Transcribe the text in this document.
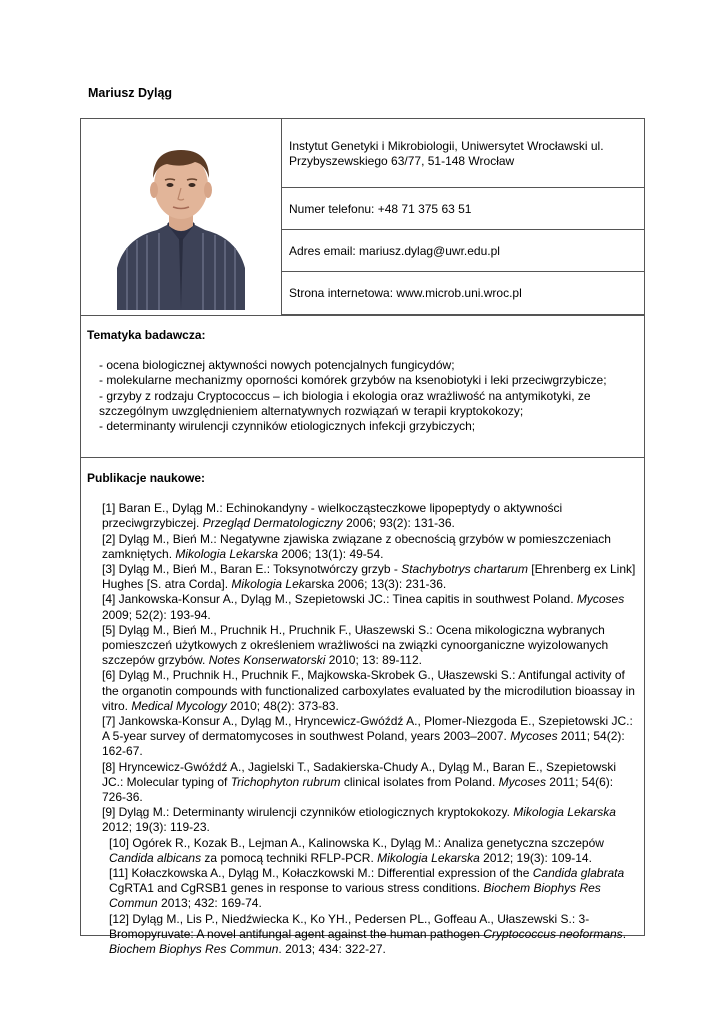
Mariusz Dyląg
Instytut Genetyki i Mikrobiologii, Uniwersytet Wrocławski ul. Przybyszewskiego 63/77, 51-148 Wrocław
Numer telefonu: +48 71 375 63 51
Adres email: mariusz.dylag@uwr.edu.pl
Strona internetowa: www.microb.uni.wroc.pl
Tematyka badawcza:
- ocena biologicznej aktywności nowych potencjalnych fungicydów;
- molekularne mechanizmy oporności komórek grzybów na ksenobiotyki i leki przeciwgrzybicze;
- grzyby z rodzaju Cryptococcus – ich biologia i ekologia oraz wrażliwość na antymikotyki, ze szczególnym uwzględnieniem alternatywnych rozwiązań w terapii kryptokokozy;
- determinanty wirulencji czynników etiologicznych infekcji grzybiczych;
Publikacje naukowe:
[1] Baran E., Dyląg M.: Echinokandyny - wielkocząsteczkowe lipopeptydy o aktywności przeciwgrzybiczej. Przegląd Dermatologiczny 2006; 93(2): 131-36.
[2] Dyląg M., Bień M.: Negatywne zjawiska związane z obecnością grzybów w pomieszczeniach zamkniętych. Mikologia Lekarska 2006; 13(1): 49-54.
[3] Dyląg M., Bień M., Baran E.: Toksynotwórczy grzyb - Stachybotrys chartarum [Ehrenberg ex Link] Hughes [S. atra Corda]. Mikologia Lekarska 2006; 13(3): 231-36.
[4] Jankowska-Konsur A., Dyląg M., Szepietowski JC.: Tinea capitis in southwest Poland. Mycoses 2009; 52(2): 193-94.
[5] Dyląg M., Bień M., Pruchnik H., Pruchnik F., Ułaszewski S.: Ocena mikologiczna wybranych pomieszczeń użytkowych z określeniem wrażliwości na związki cynoorganiczne wyizolowanych szczepów grzybów. Notes Konserwatorski 2010; 13: 89-112.
[6] Dyląg M., Pruchnik H., Pruchnik F., Majkowska-Skrobek G., Ułaszewski S.: Antifungal activity of the organotin compounds with functionalized carboxylates evaluated by the microdilution bioassay in vitro. Medical Mycology 2010; 48(2): 373-83.
[7] Jankowska-Konsur A., Dyląg M., Hryncewicz-Gwóźdź A., Plomer-Niezgoda E., Szepietowski JC.: A 5-year survey of dermatomycoses in southwest Poland, years 2003–2007. Mycoses 2011; 54(2): 162-67.
[8] Hryncewicz-Gwóźdź A., Jagielski T., Sadakierska-Chudy A., Dyląg M., Baran E., Szepietowski JC.: Molecular typing of Trichophyton rubrum clinical isolates from Poland. Mycoses 2011; 54(6): 726-36.
[9] Dyląg M.: Determinanty wirulencji czynników etiologicznych kryptokokozy. Mikologia Lekarska 2012; 19(3): 119-23.
[10] Ogórek R., Kozak B., Lejman A., Kalinowska K., Dyląg M.: Analiza genetyczna szczepów Candida albicans za pomocą techniki RFLP-PCR. Mikologia Lekarska 2012; 19(3): 109-14.
[11] Kołaczkowska A., Dyląg M., Kołaczkowski M.: Differential expression of the Candida glabrata CgRTA1 and CgRSB1 genes in response to various stress conditions. Biochem Biophys Res Commun 2013; 432: 169-74.
[12] Dyląg M., Lis P., Niedźwiecka K., Ko YH., Pedersen PL., Goffeau A., Ułaszewski S.: 3-Bromopyruvate: A novel antifungal agent against the human pathogen Cryptococcus neoformans. Biochem Biophys Res Commun. 2013; 434: 322-27.
